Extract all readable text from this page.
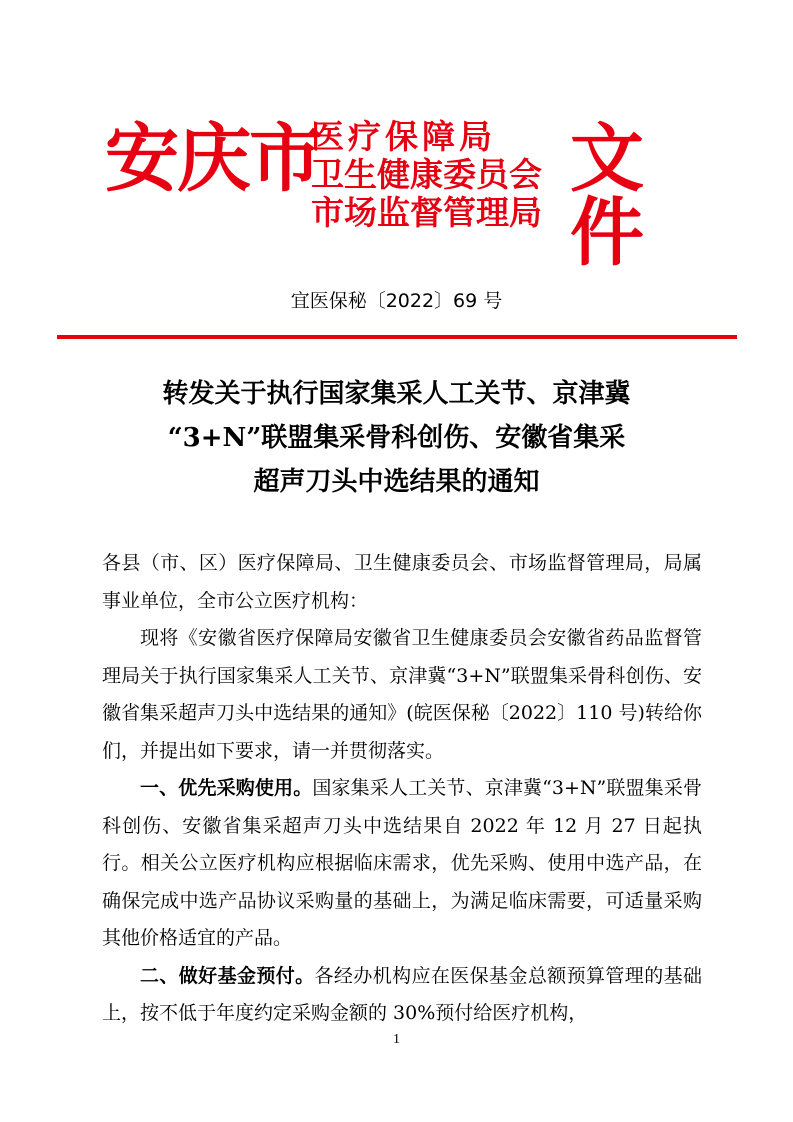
安庆市
医疗保障局
卫生健康委员会
市场监督管理局
文件
宜医保秘〔2022〕69 号
转发关于执行国家集采人工关节、京津冀
“3+N”联盟集采骨科创伤、安徽省集采
超声刀头中选结果的通知

各县（市、区）医疗保障局、卫生健康委员会、市场监督管理局，局属事业单位，全市公立医疗机构：

现将《安徽省医疗保障局安徽省卫生健康委员会安徽省药品监督管理局关于执行国家集采人工关节、京津冀“3+N”联盟集采骨科创伤、安徽省集采超声刀头中选结果的通知》(皖医保秘〔2022〕110 号)转给你们，并提出如下要求，请一并贯彻落实。

一、优先采购使用。国家集采人工关节、京津冀“3+N”联盟集采骨科创伤、安徽省集采超声刀头中选结果自 2022 年 12 月 27 日起执行。相关公立医疗机构应根据临床需求，优先采购、使用中选产品，在确保完成中选产品协议采购量的基础上，为满足临床需要，可适量采购其他价格适宜的产品。

二、做好基金预付。各经办机构应在医保基金总额预算管理的基础上，按不低于年度约定采购金额的 30%预付给医疗机构，

1
